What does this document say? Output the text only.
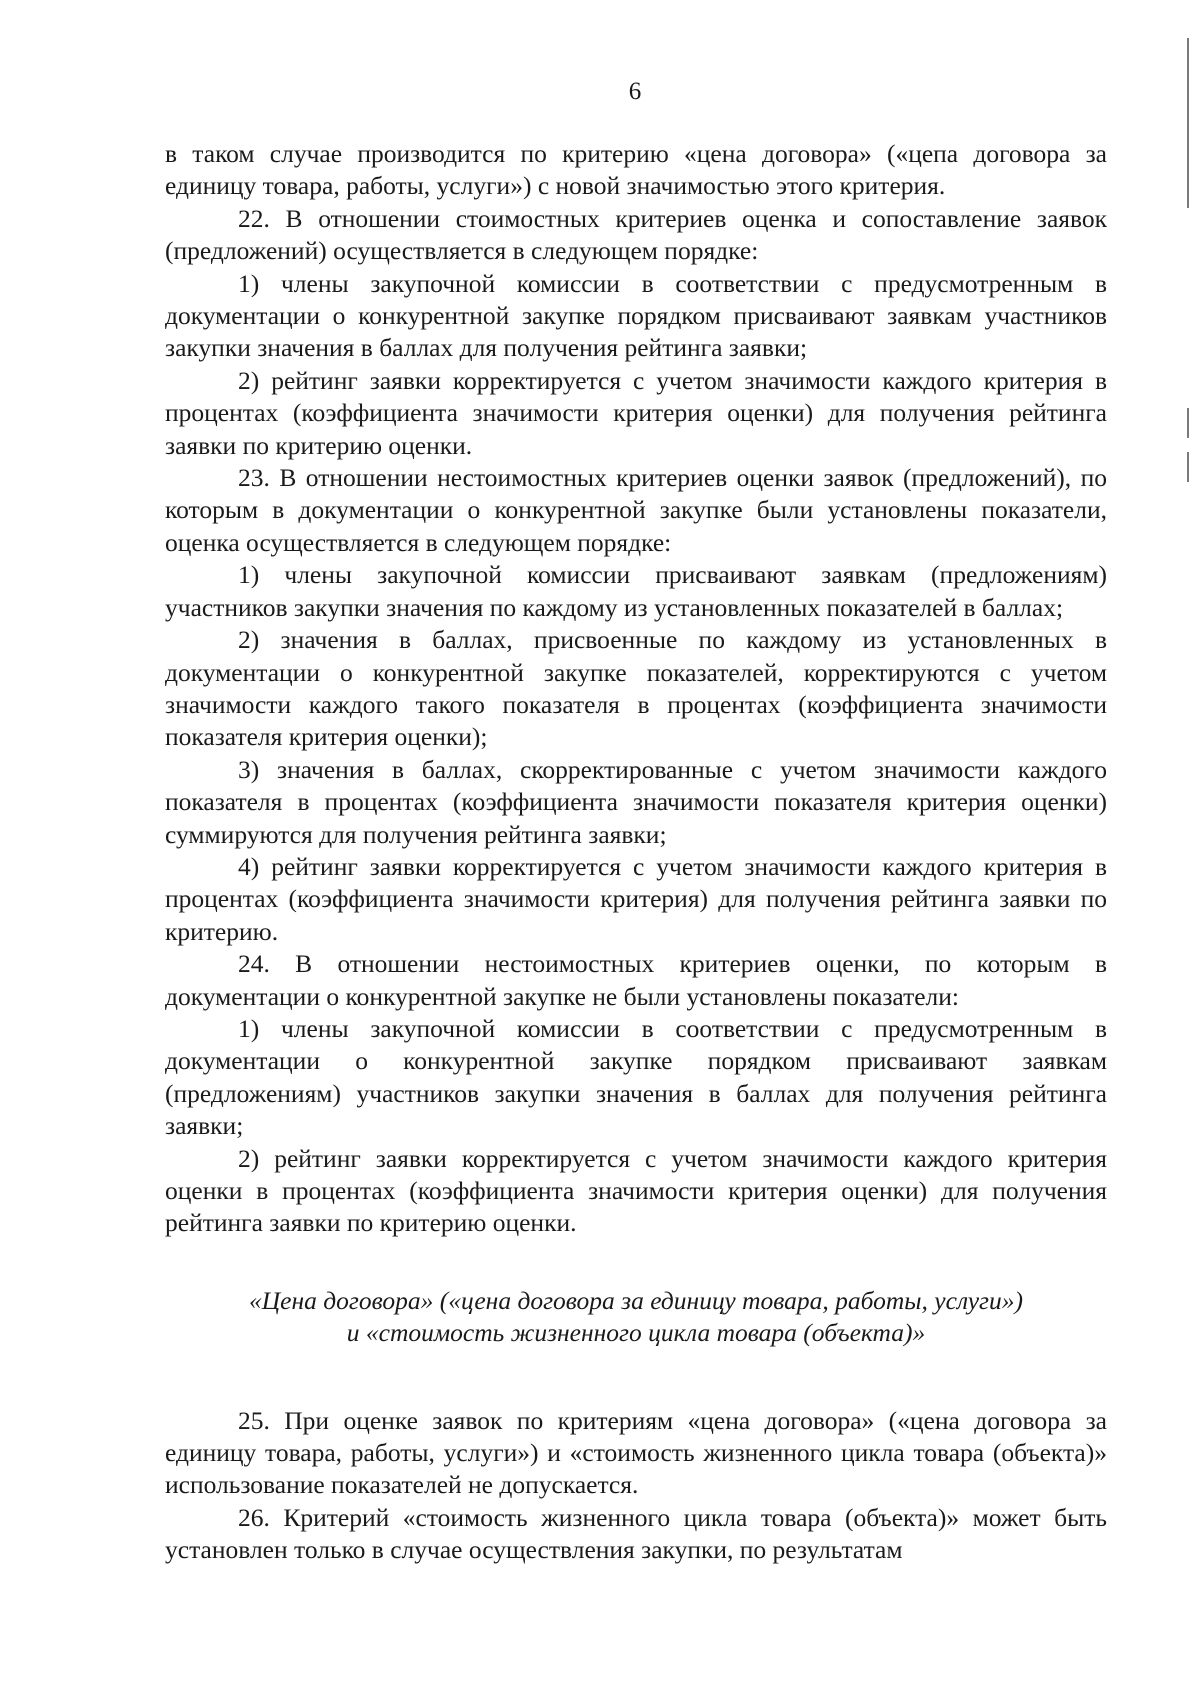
6

в таком случае производится по критерию «цена договора» («цепа договора за единицу товара, работы, услуги») с новой значимостью этого критерия.

22. В отношении стоимостных критериев оценка и сопоставление заявок (предложений) осуществляется в следующем порядке:

1) члены закупочной комиссии в соответствии с предусмотренным в документации о конкурентной закупке порядком присваивают заявкам участников закупки значения в баллах для получения рейтинга заявки;

2) рейтинг заявки корректируется с учетом значимости каждого критерия в процентах (коэффициента значимости критерия оценки) для получения рейтинга заявки по критерию оценки.

23. В отношении нестоимостных критериев оценки заявок (предложений), по которым в документации о конкурентной закупке были установлены показатели, оценка осуществляется в следующем порядке:

1) члены закупочной комиссии присваивают заявкам (предложениям) участников закупки значения по каждому из установленных показателей в баллах;

2) значения в баллах, присвоенные по каждому из установленных в документации о конкурентной закупке показателей, корректируются с учетом значимости каждого такого показателя в процентах (коэффициента значимости показателя критерия оценки);

3) значения в баллах, скорректированные с учетом значимости каждого показателя в процентах (коэффициента значимости показателя критерия оценки) суммируются для получения рейтинга заявки;

4) рейтинг заявки корректируется с учетом значимости каждого критерия в процентах (коэффициента значимости критерия) для получения рейтинга заявки по критерию.

24. В отношении нестоимостных критериев оценки, по которым в документации о конкурентной закупке не были установлены показатели:

1) члены закупочной комиссии в соответствии с предусмотренным в документации о конкурентной закупке порядком присваивают заявкам (предложениям) участников закупки значения в баллах для получения рейтинга заявки;

2) рейтинг заявки корректируется с учетом значимости каждого критерия оценки в процентах (коэффициента значимости критерия оценки) для получения рейтинга заявки по критерию оценки.

«Цена договора» («цена договора за единицу товара, работы, услуги»)
и «стоимость жизненного цикла товара (объекта)»

25. При оценке заявок по критериям «цена договора» («цена договора за единицу товара, работы, услуги») и «стоимость жизненного цикла товара (объекта)» использование показателей не допускается.

26. Критерий «стоимость жизненного цикла товара (объекта)» может быть установлен только в случае осуществления закупки, по результатам
